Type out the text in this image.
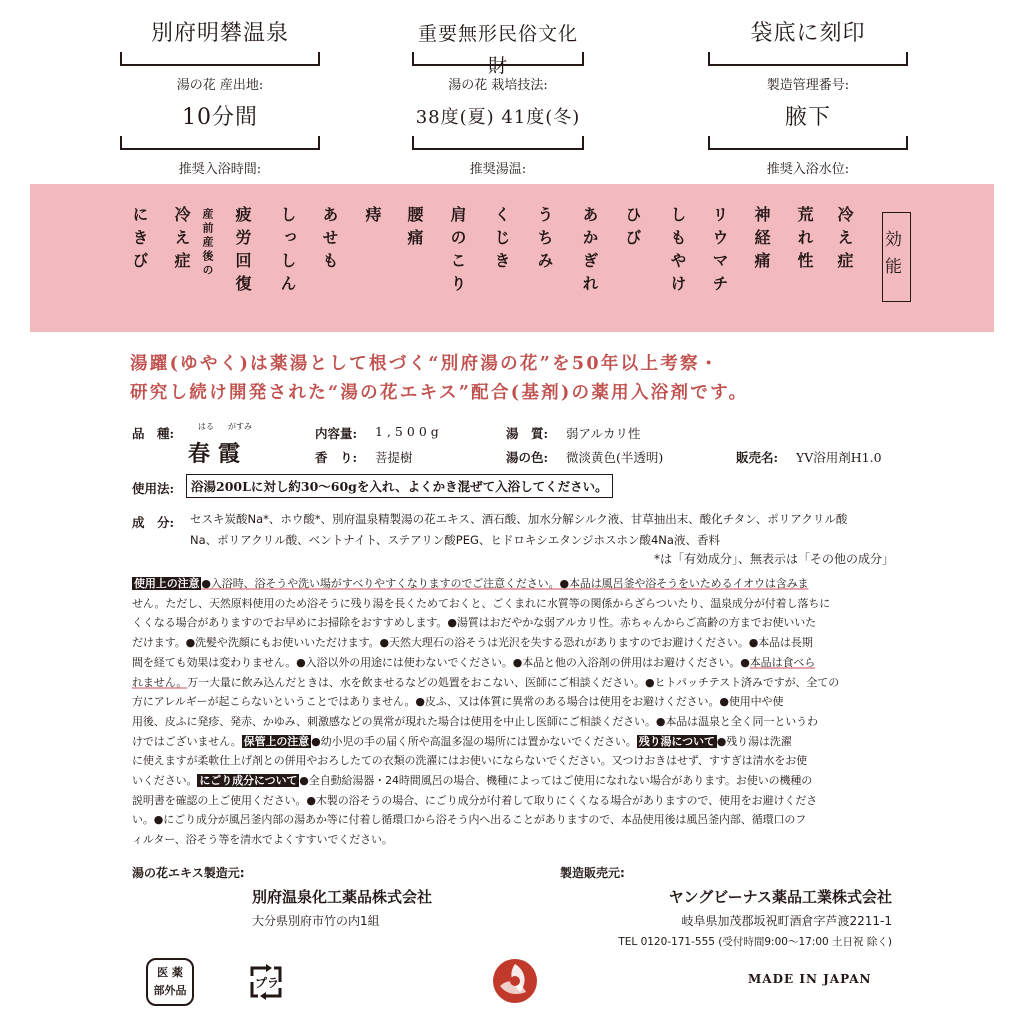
別府明礬温泉
湯の花 産出地:
重要無形民俗文化財
湯の花 栽培技法:
袋底に刻印
製造管理番号:
10分間
推奨入浴時間:
38度(夏) 41度(冬)
推奨湯温:
腋下
推奨入浴水位:
効能
冷え症
荒れ性
神経痛
リウマチ
しもやけ
ひび
あかぎれ
うちみ
くじき
肩のこり
腰痛
痔
あせも
しっしん
疲労回復
産前産後の
冷え症
にきび
湯躍(ゆやく)は薬湯として根づく“別府湯の花”を50年以上考察・
研究し続け開発された“湯の花エキス”配合(基剤)の薬用入浴剤です。
品　種:	はる がすみ
春霞
内容量: 1,500g
香　り: 菩提樹
湯　質: 弱アルカリ性
湯の色: 微淡黄色(半透明)	販売名: YV浴用剤H1.0
使用法:	浴湯200Lに対し約30〜60gを入れ、よくかき混ぜて入浴してください。
成　分: セスキ炭酸Na*、ホウ酸*、別府温泉精製湯の花エキス、酒石酸、加水分解シルク液、甘草抽出末、酸化チタン、ポリアクリル酸
Na、ポリアクリル酸、ベントナイト、ステアリン酸PEG、ヒドロキシエタンジホスホン酸4Na液、香料
*は「有効成分」、無表示は「その他の成分」
使用上の注意 ●入浴時、浴そうや洗い場がすべりやすくなりますのでご注意ください。●本品は風呂釜や浴そうをいためるイオウは含みま
せん。ただし、天然原料使用のため浴そうに残り湯を長くためておくと、ごくまれに水質等の関係からざらついたり、温泉成分が付着し落ちに
くくなる場合がありますのでお早めにお掃除をおすすめします。●湯質はおだやかな弱アルカリ性。赤ちゃんからご高齢の方までお使いいた
だけます。●洗髪や洗顔にもお使いいただけます。●天然大理石の浴そうは光沢を失する恐れがありますのでお避けください。●本品は長期
間を経ても効果は変わりません。●入浴以外の用途には使わないでください。●本品と他の入浴剤の併用はお避けください。●本品は食べら
れません。万一大量に飲み込んだときは、水を飲ませるなどの処置をおこない、医師にご相談ください。●ヒトパッチテスト済みですが、全ての
方にアレルギーが起こらないということではありません。●皮ふ、又は体質に異常のある場合は使用をお避けください。●使用中や使
用後、皮ふに発疹、発赤、かゆみ、刺激感などの異常が現れた場合は使用を中止し医師にご相談ください。●本品は温泉と全く同一というわ
けではございません。 保管上の注意 ●幼小児の手の届く所や高温多湿の場所には置かないでください。 残り湯について ●残り湯は洗濯
に使えますが柔軟仕上げ剤との併用やおろしたての衣類の洗濯にはお使いにならないでください。又つけおきはせず、すすぎは清水をお使
いください。 にごり成分について ●全自動給湯器・24時間風呂の場合、機種によってはご使用になれない場合があります。お使いの機種の
説明書を確認の上ご使用ください。●木製の浴そうの場合、にごり成分が付着して取りにくくなる場合がありますので、使用をお避けくださ
い。●にごり成分が風呂釜内部の湯あか等に付着し循環口から浴そう内へ出ることがありますので、本品使用後は風呂釜内部、循環口のフ
ィルター、浴そう等を清水でよくすすいでください。
湯の花エキス製造元:
別府温泉化工薬品株式会社
大分県別府市竹の内1組
製造販売元:
ヤングビーナス薬品工業株式会社
岐阜県加茂郡坂祝町酒倉字芦渡2211-1
TEL 0120-171-555 (受付時間9:00〜17:00 土日祝 除く)
医 薬
部外品
プラ	MADE IN JAPAN
